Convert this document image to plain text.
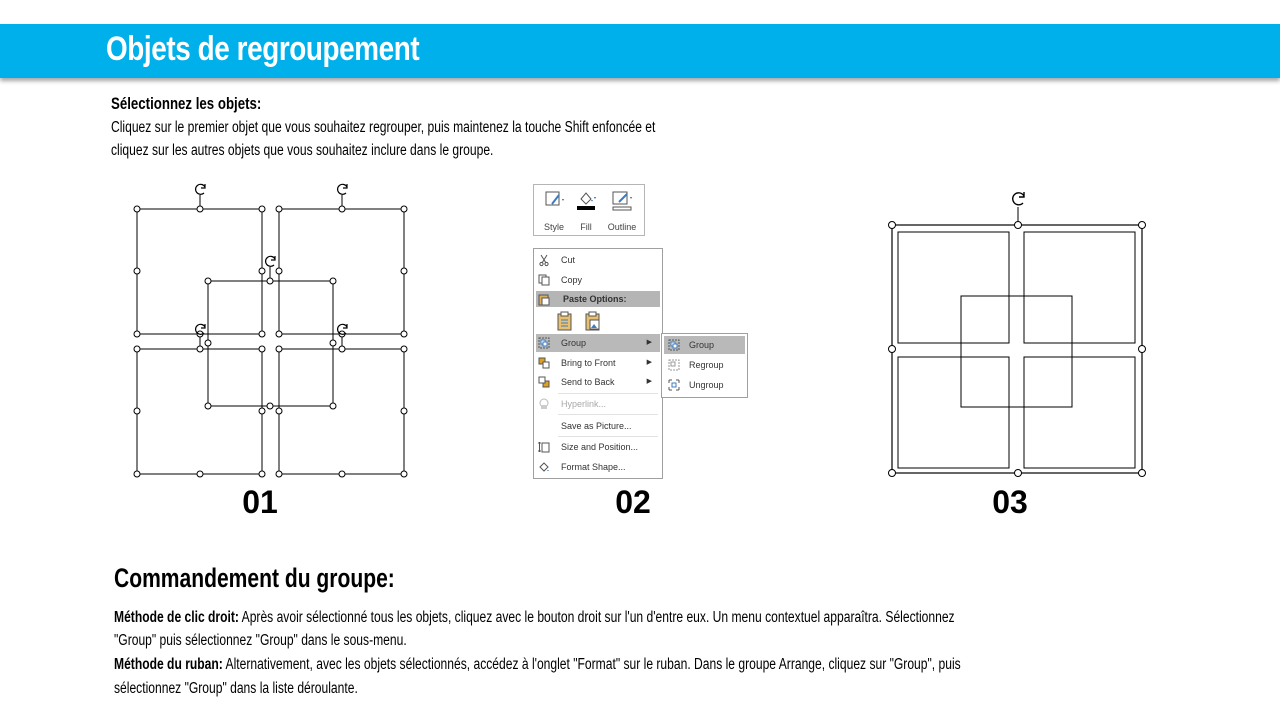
Objets de regroupement
Sélectionnez les objets:
Cliquez sur le premier objet que vous souhaitez regrouper, puis maintenez la touche Shift enfoncée et
cliquez sur les autres objets que vous souhaitez inclure dans le groupe.
Style	Fill	Outline
Cut
Copy
Paste Options:
Group	▶
Bring to Front	▶
Send to Back	▶
Hyperlink...
Save as Picture...
Size and Position...
Format Shape...
Group
Regroup
Ungroup
01	02	03
Commandement du groupe:
Méthode de clic droit: Après avoir sélectionné tous les objets, cliquez avec le bouton droit sur l'un d'entre eux. Un menu contextuel apparaîtra. Sélectionnez
"Group" puis sélectionnez "Group" dans le sous-menu.
Méthode du ruban: Alternativement, avec les objets sélectionnés, accédez à l'onglet "Format" sur le ruban. Dans le groupe Arrange, cliquez sur "Group", puis
sélectionnez "Group" dans la liste déroulante.
